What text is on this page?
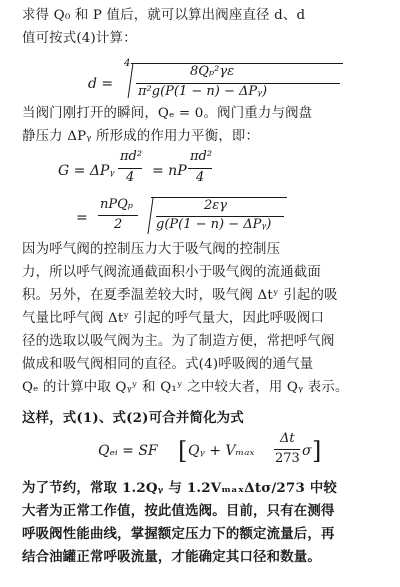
求得 Q₀ 和 P 值后，就可以算出阀座直径 d、d
值可按式(4)计算：
d =
4
8Qₚ²γε
π²g(P(1 − n) − ΔPᵧ)
当阀门刚打开的瞬间，Qₑ = 0。阀门重力与阀盘
静压力 ΔPᵧ 所形成的作用力平衡，即：
G = ΔPᵧ
πd²
4 = nP
πd²
4
=
nPQₚ
2
2εγ
g(P(1 − n) − ΔPᵧ)
因为呼气阀的控制压力大于吸气阀的控制压
力，所以呼气阀流通截面积小于吸气阀的流通截面
积。另外，在夏季温差较大时，吸气阀 Δtʸ 引起的吸
气量比呼气阀 Δtʸ 引起的呼气量大，因此呼吸阀口
径的选取以吸气阀为主。为了制造方便，常把呼气阀
做成和吸气阀相同的直径。式(4)呼吸阀的通气量
Qₑ 的计算中取 Qᵧʸ 和 Q₁ʸ 之中较大者，用 Qᵧ 表示。
这样，式(1)、式(2)可合并简化为式
Qₑᵢ = SF [ Qᵧ + Vₘₐₓ
Δt
273 σ ]
为了节约，常取 1.2Qᵧ 与 1.2VₘₐₓΔtσ/273 中较
大者为正常工作值，按此值选阀。目前，只有在测得
呼吸阀性能曲线，掌握额定压力下的额定流量后，再
结合油罐正常呼吸流量，才能确定其口径和数量。
